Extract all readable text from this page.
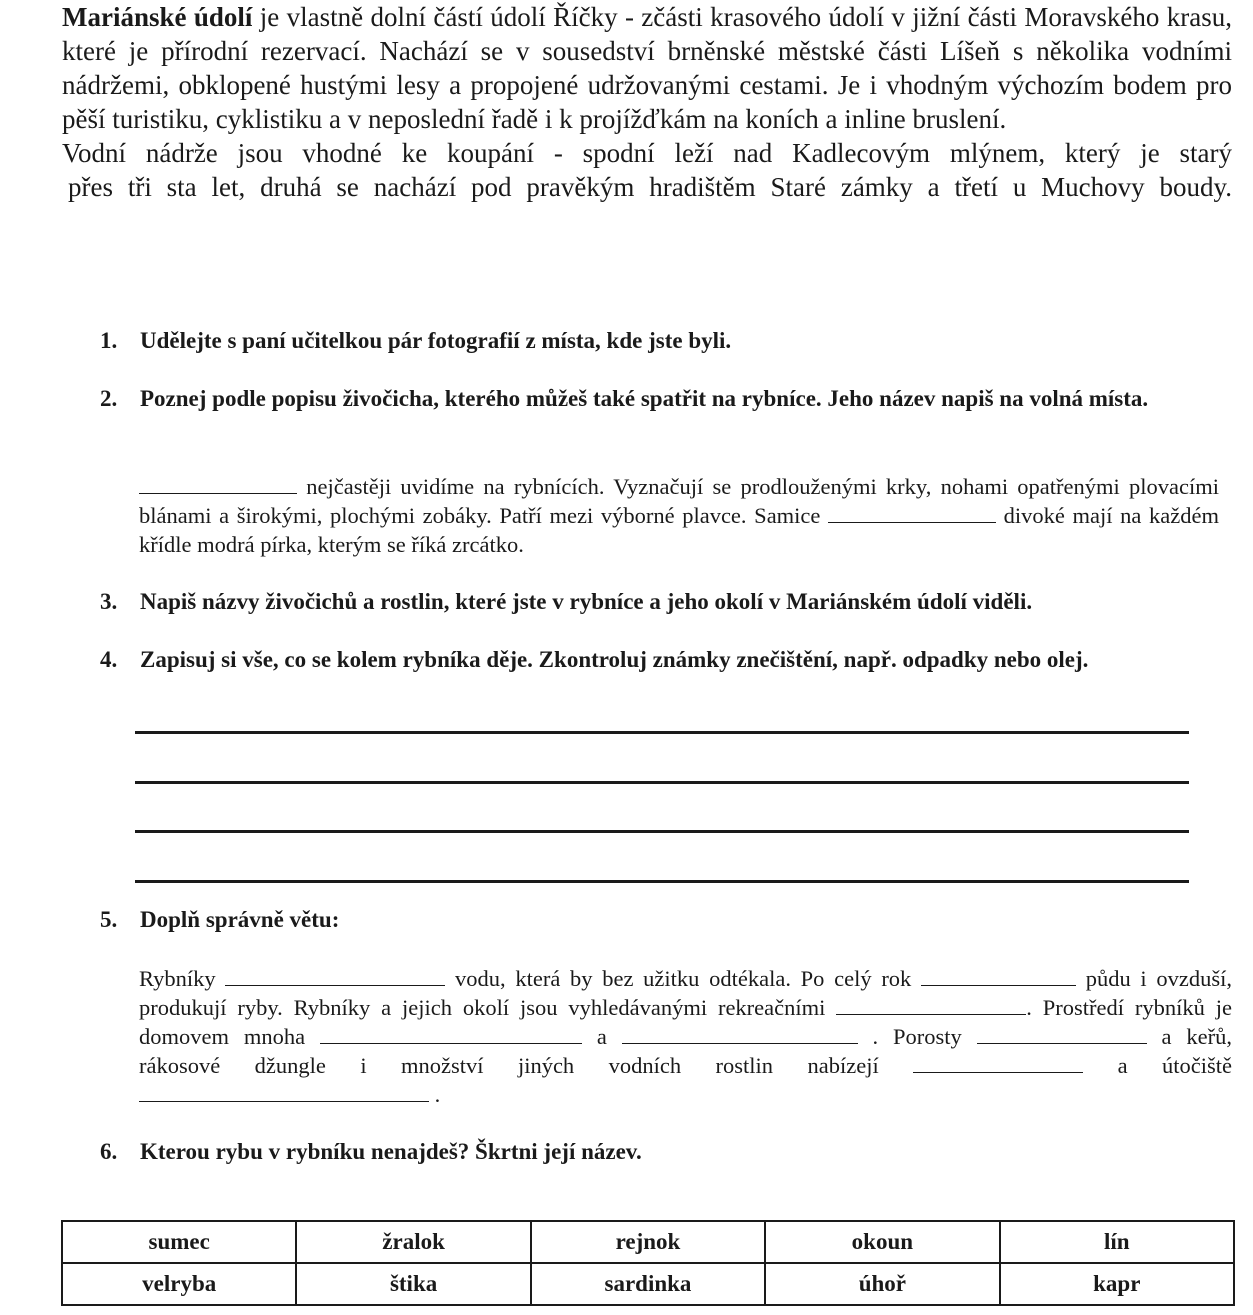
Mariánské údolí je vlastně dolní částí údolí Říčky - zčásti krasového údolí v jižní části Moravského krasu, které je přírodní rezervací. Nachází se v sousedství brněnské městské části Líšeň s několika vodními nádržemi, obklopené hustými lesy a propojené udržovanými cestami. Je i vhodným výchozím bodem pro pěší turistiku, cyklistiku a v neposlední řadě i k projížďkám na koních a inline bruslení.

Vodní nádrže jsou vhodné ke koupání - spodní leží nad Kadlecovým mlýnem, který je starý
přes tři sta let, druhá se nachází pod pravěkým hradištěm Staré zámky a třetí u Muchovy boudy.

1. Udělejte s paní učitelkou pár fotografií z místa, kde jste byli.
2. Poznej podle popisu živočicha, kterého můžeš také spatřit na rybníce. Jeho název napiš na volná místa.

nejčastěji uvidíme na rybnících. Vyznačují se prodlouženými krky, nohami opatřenými plovacími blánami a širokými, plochými zobáky. Patří mezi výborné plavce. Samice	divoké mají na každém křídle modrá pírka, kterým se říká zrcátko.

3. Napiš názvy živočichů a rostlin, které jste v rybníce a jeho okolí v Mariánském údolí viděli.
4. Zapisuj si vše, co se kolem rybníka děje. Zkontroluj známky znečištění, např. odpadky nebo olej.
5. Doplň správně větu:

Rybníky	vodu, která by bez užitku odtékala. Po celý rok	půdu i ovzduší, produkují ryby. Rybníky a jejich okolí jsou vyhledávanými rekreačními	. Prostředí rybníků je domovem mnoha	a	. Porosty	a keřů, rákosové džungle i množství jiných vodních rostlin nabízejí	a útočiště .

6. Kterou rybu v rybníku nenajdeš? Škrtni její název.
sumec	žralok	rejnok	okoun	lín
velryba	štika	sardinka	úhoř	kapr
